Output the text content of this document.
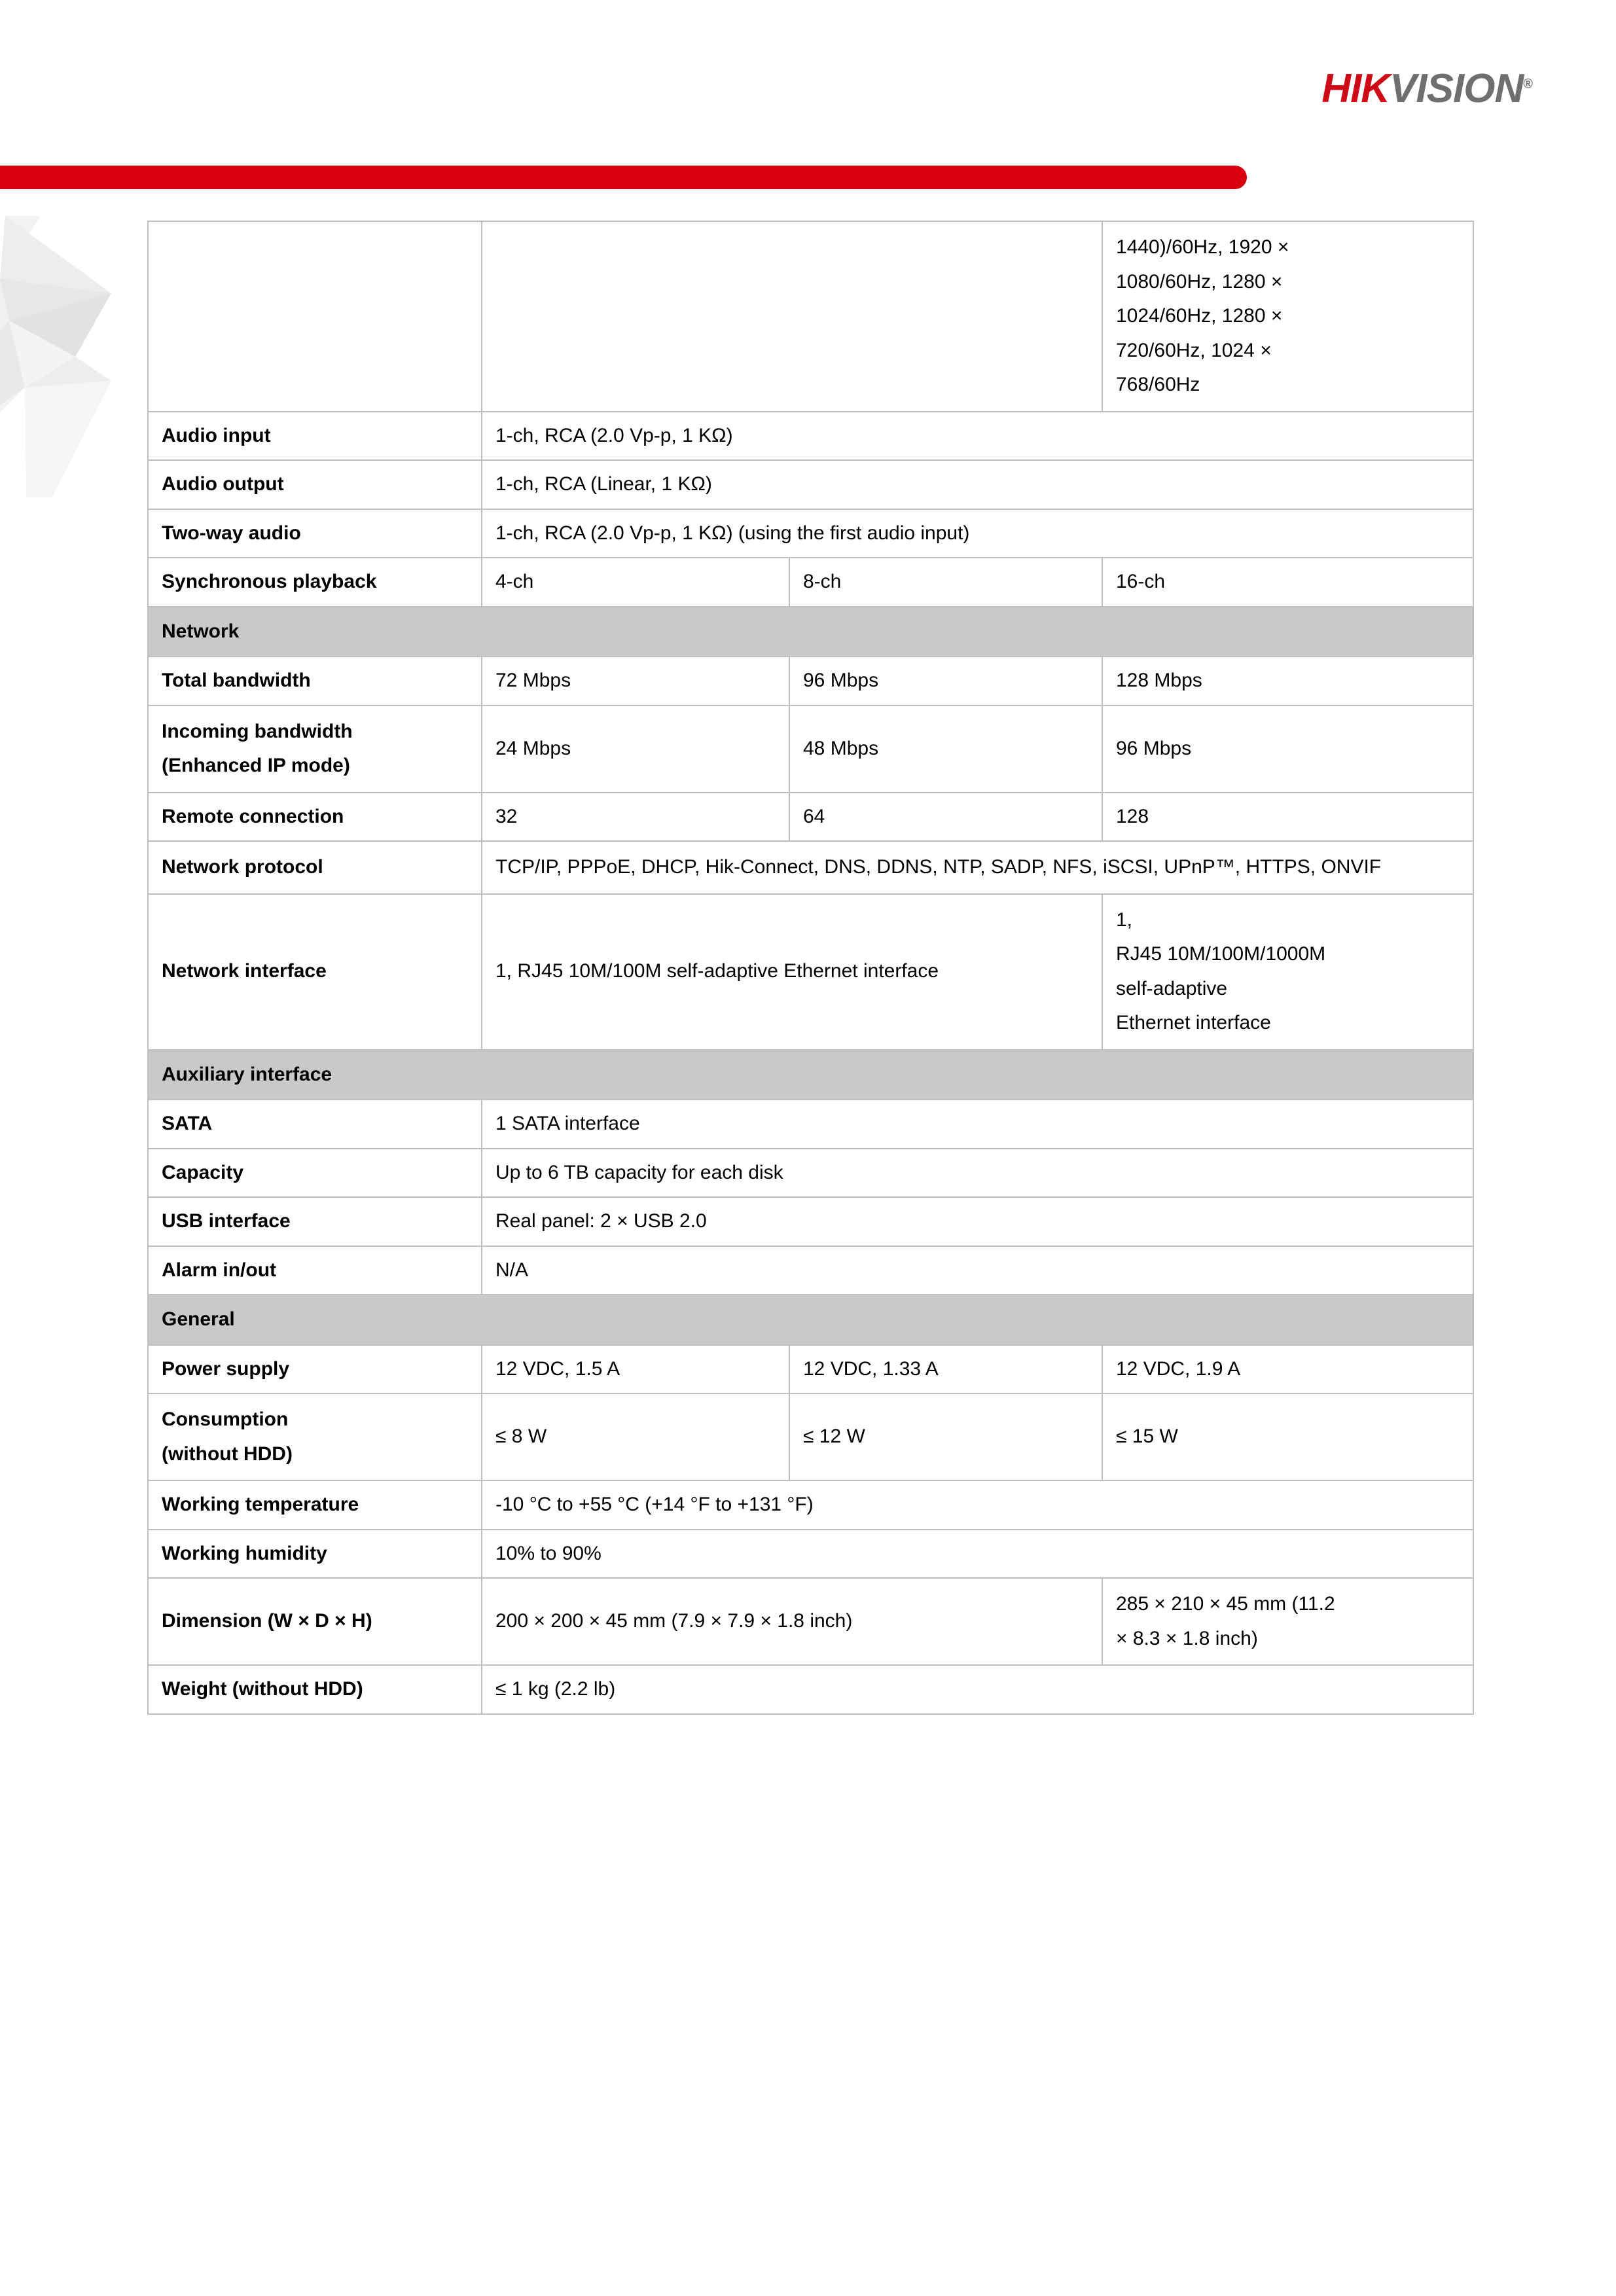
HIKVISION®

			1440)/60Hz, 1920 ×
1080/60Hz, 1280 ×
1024/60Hz, 1280 ×
720/60Hz, 1024 ×
768/60Hz

Audio input	1-ch, RCA (2.0 Vp-p, 1 KΩ)		
Audio output	1-ch, RCA (Linear, 1 KΩ)		
Two-way audio	1-ch, RCA (2.0 Vp-p, 1 KΩ) (using the first audio input)		
Synchronous playback	4-ch	8-ch	16-ch
Network			
Total bandwidth	72 Mbps	96 Mbps	128 Mbps
Incoming bandwidth
(Enhanced IP mode)	24 Mbps	48 Mbps	96 Mbps
Remote connection	32	64	128
Network protocol	TCP/IP, PPPoE, DHCP, Hik-Connect, DNS, DDNS, NTP, SADP, NFS, iSCSI, UPnP™, HTTPS, ONVIF		
Network interface	1, RJ45 10M/100M self-adaptive Ethernet interface		1,
RJ45 10M/100M/1000M
self-adaptive
Ethernet interface
Auxiliary interface			
SATA	1 SATA interface		
Capacity	Up to 6 TB capacity for each disk		
USB interface	Real panel: 2 × USB 2.0		
Alarm in/out	N/A		
General			
Power supply	12 VDC, 1.5 A	12 VDC, 1.33 A	12 VDC, 1.9 A
Consumption
(without HDD)	≤ 8 W	≤ 12 W	≤ 15 W
Working temperature	-10 °C to +55 °C (+14 °F to +131 °F)		
Working humidity	10% to 90%		
Dimension (W × D × H)	200 × 200 × 45 mm (7.9 × 7.9 × 1.8 inch)		285 × 210 × 45 mm (11.2
× 8.3 × 1.8 inch)
Weight (without HDD)	≤ 1 kg (2.2 lb)		
